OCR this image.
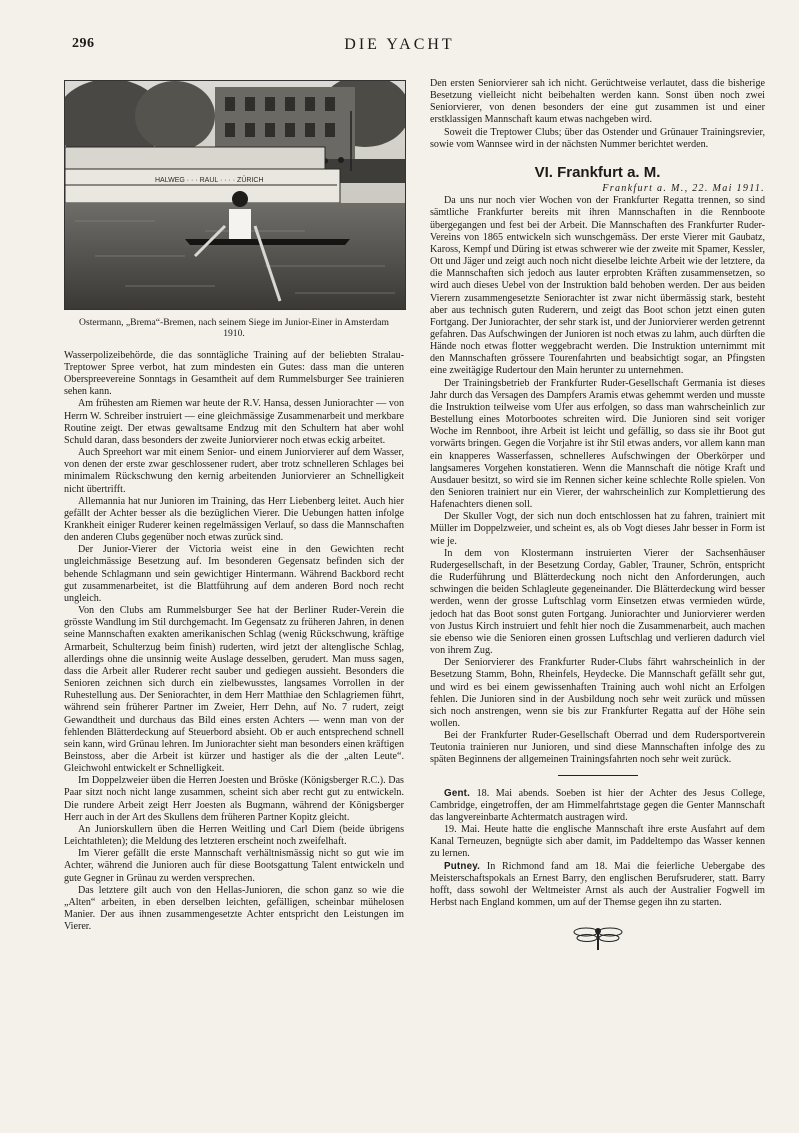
296	DIE YACHT
HALWEG · · · RAUL · · · · ZÜRICH
Ostermann, „Brema“-Bremen, nach seinem Siege im Junior-Einer in Amsterdam 1910.

Wasserpolizeibehörde, die das sonntägliche Training auf der beliebten Stralau-Treptower Spree verbot, hat zum mindesten ein Gutes: dass man die unteren Oberspreevereine Sonntags in Gesamtheit auf dem Rummelsburger See trainieren sehen kann.

Am frühesten am Riemen war heute der R.V. Hansa, dessen Juniorachter — von Herrn W. Schreiber instruiert — eine gleichmässige Zusammenarbeit und merkbare Routine zeigt. Der etwas gewaltsame Endzug mit den Schultern hat aber wohl Schuld daran, dass besonders der zweite Juniorvierer noch etwas eckig arbeitet.

Auch Spreehort war mit einem Senior- und einem Juniorvierer auf dem Wasser, von denen der erste zwar geschlossener rudert, aber trotz schnelleren Schlages bei minimalem Rückschwung den kernig arbeitenden Juniorvierer an Schnelligkeit nicht übertrifft.

Allemannia hat nur Junioren im Training, das Herr Liebenberg leitet. Auch hier gefällt der Achter besser als die bezüglichen Vierer. Die Uebungen hatten infolge Krankheit einiger Ruderer keinen regelmässigen Verlauf, so dass die Mannschaften den anderen Clubs gegenüber noch etwas zurück sind.

Der Junior-Vierer der Victoria weist eine in den Gewichten recht ungleichmässige Besetzung auf. Im besonderen Gegensatz befinden sich der behende Schlagmann und sein gewichtiger Hintermann. Während Backbord recht gut zusammenarbeitet, ist die Blattführung auf dem anderen Bord noch recht ungleich.

Von den Clubs am Rummelsburger See hat der Berliner Ruder-Verein die grösste Wandlung im Stil durchgemacht. Im Gegensatz zu früheren Jahren, in denen seine Mannschaften exakten amerikanischen Schlag (wenig Rückschwung, kräftige Armarbeit, Schulterzug beim finish) ruderten, wird jetzt der altenglische Schlag, allerdings ohne die unsinnig weite Auslage desselben, gerudert. Man muss sagen, dass die Arbeit aller Ruderer recht sauber und gediegen aussieht. Besonders die Senioren zeichnen sich durch ein zielbewusstes, langsames Vorrollen in der Ruhestellung aus. Der Seniorachter, in dem Herr Matthiae den Schlagriemen führt, während sein früherer Partner im Zweier, Herr Dehn, auf No. 7 rudert, zeigt Gewandtheit und durchaus das Bild eines ersten Achters — wenn man von der fehlenden Blätterdeckung auf Steuerbord absieht. Ob er auch entsprechend schnell sein kann, wird Grünau lehren. Im Juniorachter sieht man besonders einen kräftigen Beinstoss, aber die Arbeit ist kürzer und hastiger als die der „alten Leute“. Gleichwohl entwickelt er Schnelligkeit.

Im Doppelzweier üben die Herren Joesten und Bröske (Königsberger R.C.). Das Paar sitzt noch nicht lange zusammen, scheint sich aber recht gut zu entwickeln. Die rundere Arbeit zeigt Herr Joesten als Bugmann, während der Königsberger Herr auch in der Art des Skullens dem früheren Partner Kopitz gleicht.

An Juniorskullern üben die Herren Weitling und Carl Diem (beide übrigens Leichtathleten); die Meldung des letzteren erscheint noch zweifelhaft.

Im Vierer gefällt die erste Mannschaft verhältnismässig nicht so gut wie im Achter, während die Junioren auch für diese Bootsgattung Talent entwickeln und gute Gegner in Grünau zu werden versprechen.

Das letztere gilt auch von den Hellas-Junioren, die schon ganz so wie die „Alten“ arbeiten, in eben derselben leichten, gefälligen, scheinbar mühelosen Manier. Der aus ihnen zusammengesetzte Achter entspricht den Leistungen im Vierer.

Den ersten Seniorvierer sah ich nicht. Gerüchtweise verlautet, dass die bisherige Besetzung vielleicht nicht beibehalten werden kann. Sonst üben noch zwei Seniorvierer, von denen besonders der eine gut zusammen ist und einer erstklassigen Mannschaft kaum etwas nachgeben wird.

Soweit die Treptower Clubs; über das Ostender und Grünauer Trainingsrevier, sowie vom Wannsee wird in der nächsten Nummer berichtet werden.

VI. Frankfurt a. M.

Frankfurt a. M., 22. Mai 1911.

Da uns nur noch vier Wochen von der Frankfurter Regatta trennen, so sind sämtliche Frankfurter bereits mit ihren Mannschaften in die Rennboote übergegangen und fest bei der Arbeit. Die Mannschaften des Frankfurter Ruder-Vereins von 1865 entwickeln sich wunschgemäss. Der erste Vierer mit Gaubatz, Kaross, Kempf und Düring ist etwas schwerer wie der zweite mit Spamer, Kessler, Ott und Jäger und zeigt auch noch nicht dieselbe leichte Arbeit wie der letztere, da die Mannschaften sich jedoch aus lauter erprobten Kräften zusammensetzen, so wird auch dieses Uebel von der Instruktion bald behoben werden. Der aus beiden Vierern zusammengesetzte Seniorachter ist zwar nicht übermässig stark, besteht aber aus technisch guten Ruderern, und zeigt das Boot schon jetzt einen guten Fortgang. Der Juniorachter, der sehr stark ist, und der Juniorvierer werden getrennt gefahren. Das Aufschwingen der Junioren ist noch etwas zu lahm, auch dürften die Hände noch etwas flotter weggebracht werden. Die Instruktion unternimmt mit den Mannschaften grössere Tourenfahrten und beabsichtigt sogar, an Pfingsten eine zweitägige Rudertour den Main herunter zu unternehmen.

Der Trainingsbetrieb der Frankfurter Ruder-Gesellschaft Germania ist dieses Jahr durch das Versagen des Dampfers Aramis etwas gehemmt werden und musste die Instruktion teilweise vom Ufer aus erfolgen, so dass man wahrscheinlich zur Bestellung eines Motorbootes schreiten wird. Die Junioren sind seit voriger Woche im Rennboot, ihre Arbeit ist leicht und gefällig, so dass sie ihr Boot gut vorwärts bringen. Gegen die Vorjahre ist ihr Stil etwas anders, vor allem kann man ein knapperes Wasserfassen, schnelleres Aufschwingen der Oberkörper und langsameres Vorgehen konstatieren. Wenn die Mannschaft die nötige Kraft und Ausdauer besitzt, so wird sie im Rennen sicher keine schlechte Rolle spielen. Von den Senioren trainiert nur ein Vierer, der wahrscheinlich zur Komplettierung des Hafenachters dienen soll.

Der Skuller Vogt, der sich nun doch entschlossen hat zu fahren, trainiert mit Müller im Doppelzweier, und scheint es, als ob Vogt dieses Jahr besser in Form ist wie je.

In dem von Klostermann instruierten Vierer der Sachsenhäuser Rudergesellschaft, in der Besetzung Corday, Gabler, Trauner, Schrön, entspricht die Ruderführung und Blätterdeckung noch nicht den Anforderungen, auch schwingen die beiden Schlagleute gegeneinander. Die Blätterdeckung wird besser werden, wenn der grosse Luftschlag vorm Einsetzen etwas vermieden würde, jedoch hat das Boot sonst guten Fortgang. Juniorachter und Juniorvierer werden von Justus Kirch instruiert und fehlt hier noch die Zusammenarbeit, auch machen sie ebenso wie die Senioren einen grossen Luftschlag und verlieren dadurch viel von ihrem Zug.

Der Seniorvierer des Frankfurter Ruder-Clubs fährt wahrscheinlich in der Besetzung Stamm, Bohn, Rheinfels, Heydecke. Die Mannschaft gefällt sehr gut, und wird es bei einem gewissenhaften Training auch wohl nicht an Erfolgen fehlen. Die Junioren sind in der Ausbildung noch sehr weit zurück und müssen sich noch anstrengen, wenn sie bis zur Frankfurter Regatta auf der Höhe sein wollen.

Bei der Frankfurter Ruder-Gesellschaft Oberrad und dem Rudersportverein Teutonia trainieren nur Junioren, und sind diese Mannschaften infolge des zu späten Beginnens der allgemeinen Trainingsfahrten noch sehr weit zurück.

Gent. 18. Mai abends. Soeben ist hier der Achter des Jesus College, Cambridge, eingetroffen, der am Himmelfahrtstage gegen die Genter Mannschaft das langvereinbarte Achtermatch austragen wird.

19. Mai. Heute hatte die englische Mannschaft ihre erste Ausfahrt auf dem Kanal Terneuzen, begnügte sich aber damit, im Paddeltempo das Wasser kennen zu lernen.

Putney. In Richmond fand am 18. Mai die feierliche Uebergabe des Meisterschaftspokals an Ernest Barry, den englischen Berufsruderer, statt. Barry hofft, dass sowohl der Weltmeister Arnst als auch der Australier Fogwell im Herbst nach England kommen, um auf der Themse gegen ihn zu starten.
